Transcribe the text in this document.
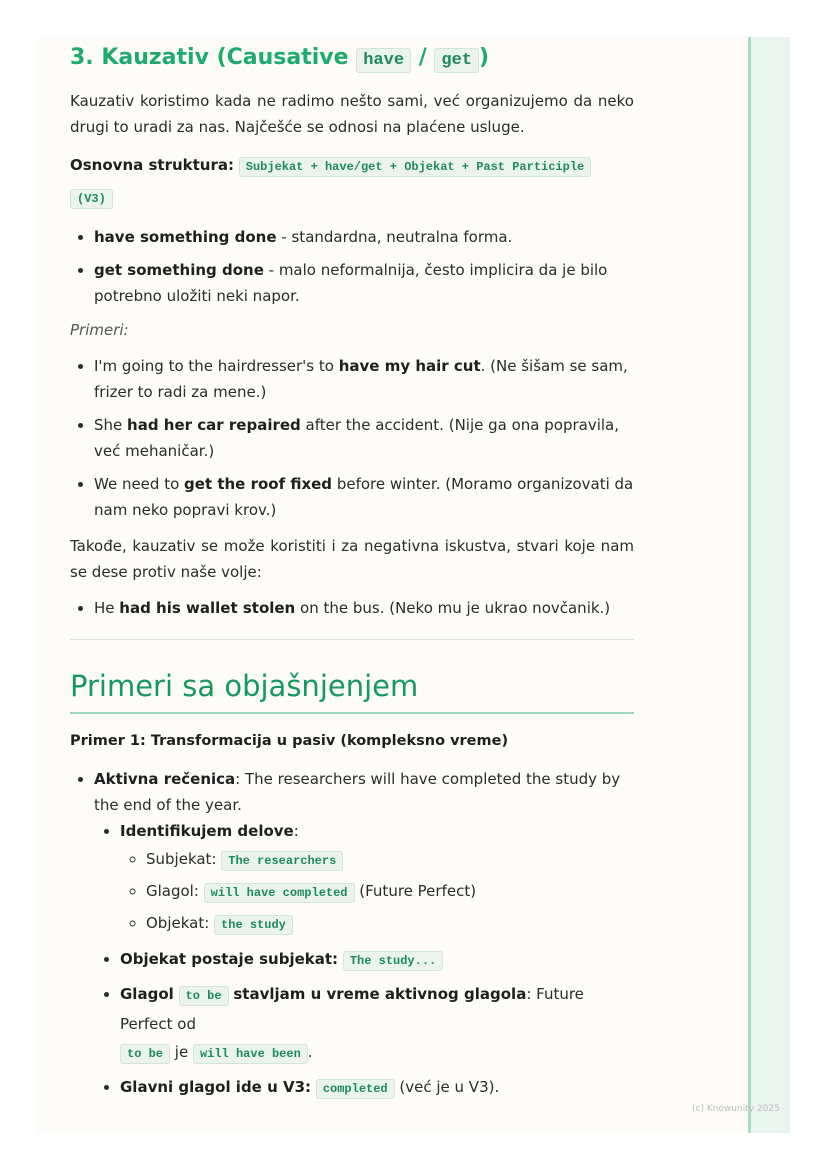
3. Kauzativ (Causative have / get )

Kauzativ koristimo kada ne radimo nešto sami, već organizujemo da neko drugi to uradi za nas. Najčešće se odnosi na plaćene usluge.

Osnovna struktura: Subjekat + have/get + Objekat + Past Participle
(V3)

• have something done - standardna, neutralna forma.
• get something done - malo neformalnija, često implicira da je bilo potrebno uložiti neki napor.

Primeri:

• I'm going to the hairdresser's to have my hair cut. (Ne šišam se sam, frizer to radi za mene.)
• She had her car repaired after the accident. (Nije ga ona popravila, već mehaničar.)
• We need to get the roof fixed before winter. (Moramo organizovati da nam neko popravi krov.)

Takođe, kauzativ se može koristiti i za negativna iskustva, stvari koje nam se dese protiv naše volje:

• He had his wallet stolen on the bus. (Neko mu je ukrao novčanik.)
Primeri sa objašnjenjem

Primer 1: Transformacija u pasiv (kompleksno vreme)

• Aktivna rečenica: The researchers will have completed the study by the end of the year.
• Identifikujem delove:
◦ Subjekat: The researchers
◦ Glagol: will have completed (Future Perfect)
◦ Objekat: the study
• Objekat postaje subjekat: The study...
• Glagol to be stavljam u vreme aktivnog glagola: Future Perfect od
to be je will have been .
• Glavni glagol ide u V3: completed (već je u V3).
(c) Knowunity 2025
